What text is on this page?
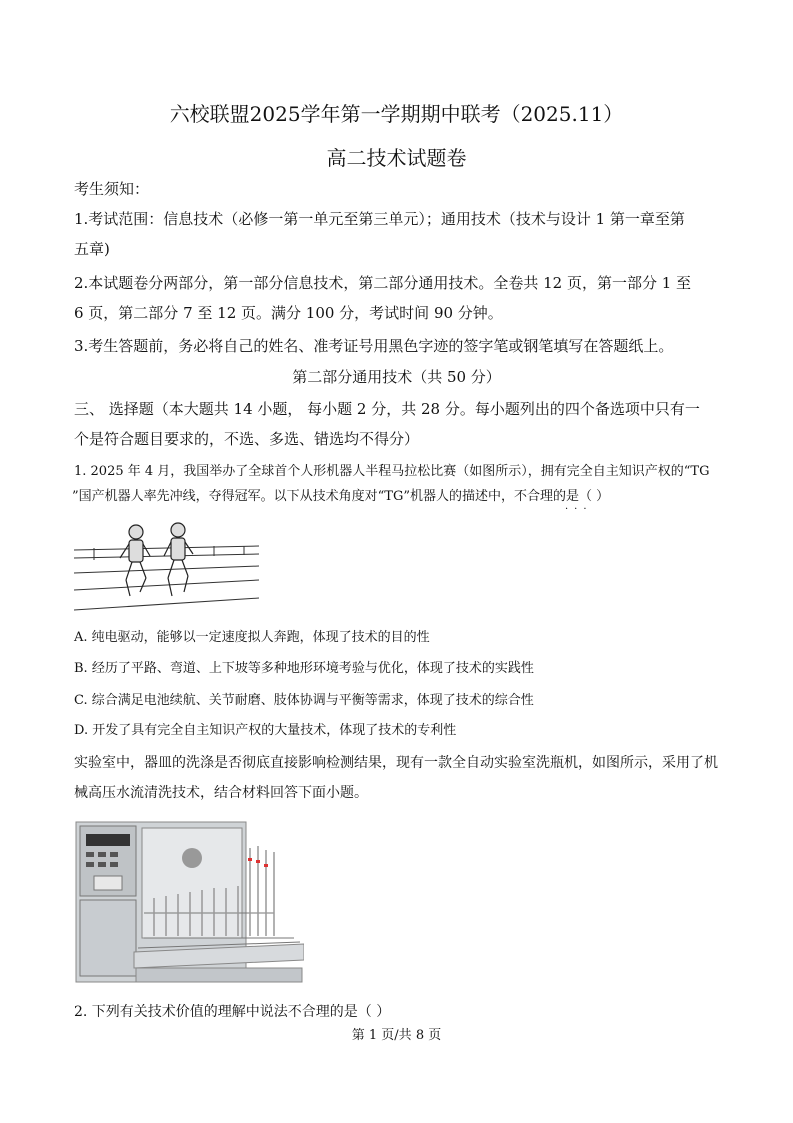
六校联盟2025学年第一学期期中联考（2025.11）
高二技术试题卷
考生须知：
1.考试范围：信息技术（必修一第一单元至第三单元）；通用技术（技术与设计 1 第一章至第
五章)
2.本试题卷分两部分，第一部分信息技术，第二部分通用技术。全卷共 12 页，第一部分 1 至
6 页，第二部分 7 至 12 页。满分 100 分，考试时间 90 分钟。
3.考生答题前，务必将自己的姓名、准考证号用黑色字迹的签字笔或钢笔填写在答题纸上。
第二部分通用技术（共 50 分）
三、 选择题（本大题共 14 小题， 每小题 2 分，共 28 分。每小题列出的四个备选项中只有一
个是符合题目要求的，不选、多选、错选均不得分）
1. 2025 年 4 月，我国举办了全球首个人形机器人半程马拉松比赛（如图所示），拥有完全自主知识产权的“TG
”国产机器人率先冲线，夺得冠军。以下从技术角度对“TG”机器人的描述中，不合理的是（ ）
···
A. 纯电驱动，能够以一定速度拟人奔跑，体现了技术的目的性
B. 经历了平路、弯道、上下坡等多种地形环境考验与优化，体现了技术的实践性
C. 综合满足电池续航、关节耐磨、肢体协调与平衡等需求，体现了技术的综合性
D. 开发了具有完全自主知识产权的大量技术，体现了技术的专利性
实验室中，器皿的洗涤是否彻底直接影响检测结果，现有一款全自动实验室洗瓶机，如图所示，采用了机
械高压水流清洗技术，结合材料回答下面小题。
2. 下列有关技术价值的理解中说法不合理的是（ ）
第 1 页/共 8 页
